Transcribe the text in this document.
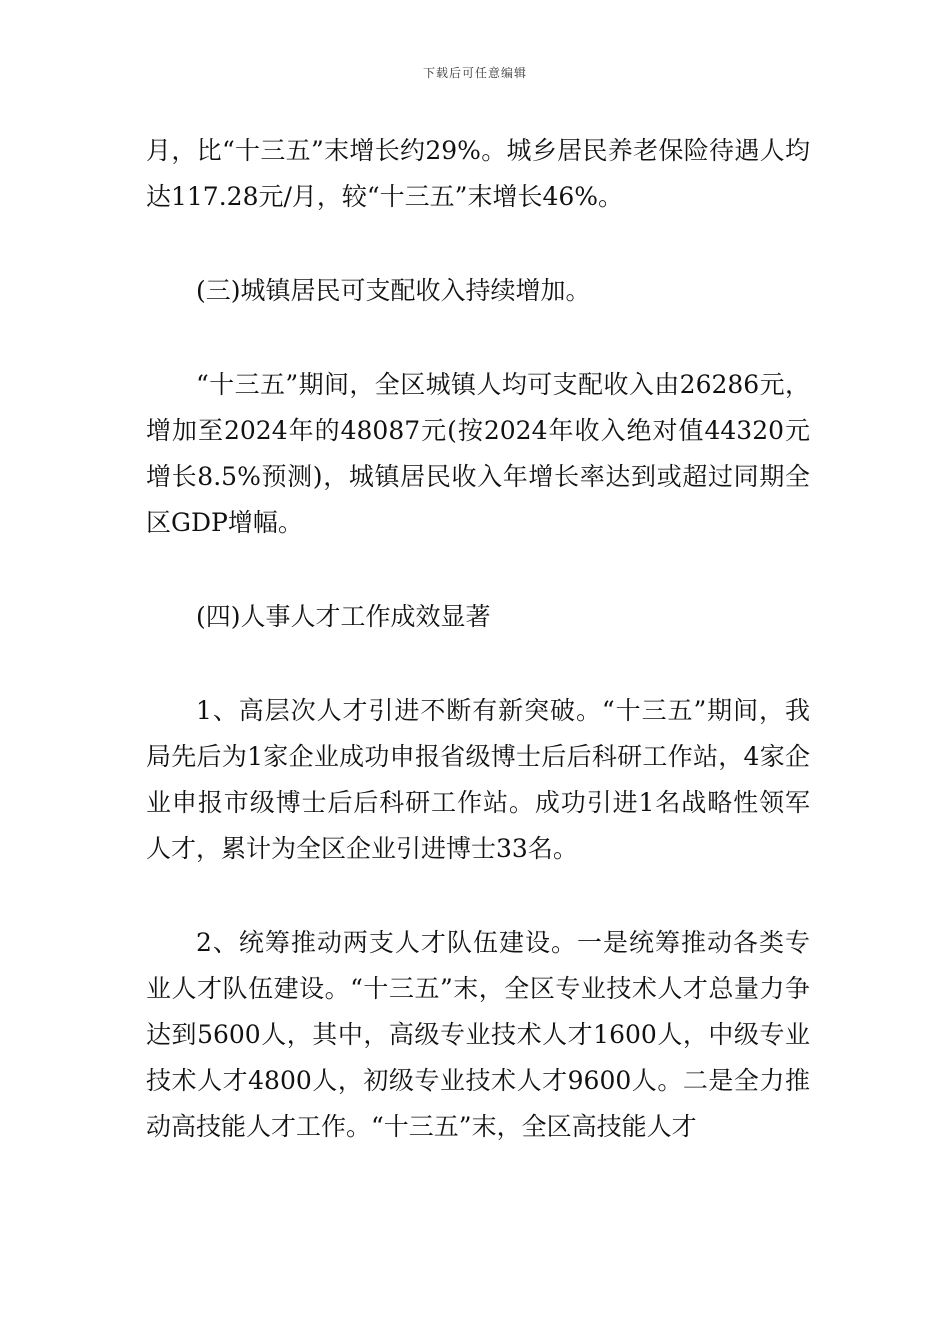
下载后可任意编辑

月，比“十三五”末增长约29%。城乡居民养老保险待遇人均达117.28元/月，较“十三五”末增长46%。

(三)城镇居民可支配收入持续增加。

“十三五”期间，全区城镇人均可支配收入由26286元，增加至2024年的48087元(按2024年收入绝对值44320元增长8.5%预测)，城镇居民收入年增长率达到或超过同期全区GDP增幅。

(四)人事人才工作成效显著

1、高层次人才引进不断有新突破。“十三五”期间，我局先后为1家企业成功申报省级博士后后科研工作站，4家企业申报市级博士后后科研工作站。成功引进1名战略性领军人才，累计为全区企业引进博士33名。

2、统筹推动两支人才队伍建设。一是统筹推动各类专业人才队伍建设。“十三五”末，全区专业技术人才总量力争达到5600人，其中，高级专业技术人才1600人，中级专业技术人才4800人，初级专业技术人才9600人。二是全力推动高技能人才工作。“十三五”末，全区高技能人才
